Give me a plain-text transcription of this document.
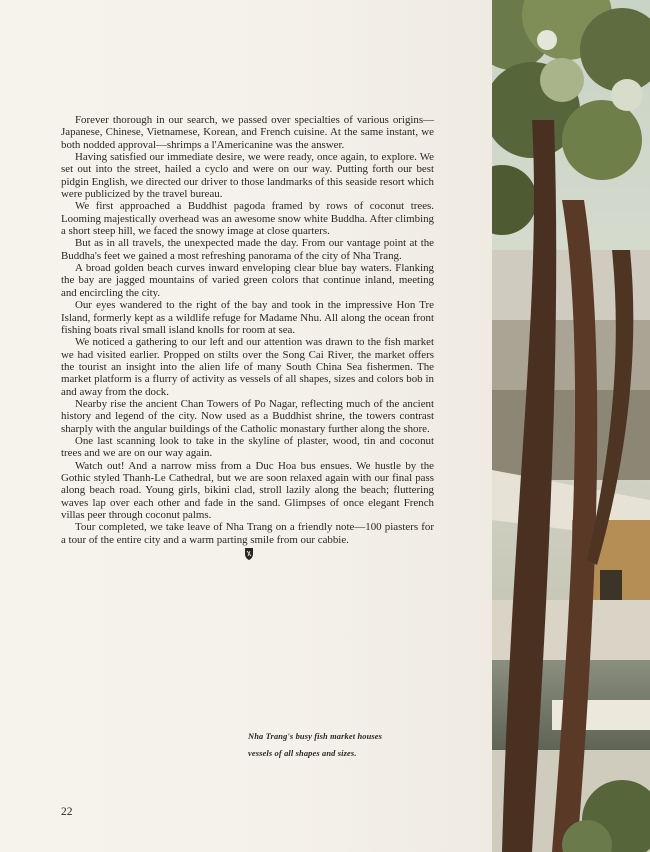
Forever thorough in our search, we passed over specialties of various origins—Japanese, Chinese, Vietnamese, Korean, and French cuisine. At the same instant, we both nodded approval—shrimps a l'Americanine was the answer.

Having satisfied our immediate desire, we were ready, once again, to explore. We set out into the street, hailed a cyclo and were on our way. Putting forth our best pidgin English, we directed our driver to those landmarks of this seaside resort which were publicized by the travel bureau.

We first approached a Buddhist pagoda framed by rows of coconut trees. Looming majestically overhead was an awesome snow white Buddha. After climbing a short steep hill, we faced the snowy image at close quarters.

But as in all travels, the unexpected made the day. From our vantage point at the Buddha's feet we gained a most refreshing panorama of the city of Nha Trang.

A broad golden beach curves inward enveloping clear blue bay waters. Flanking the bay are jagged mountains of varied green colors that continue inland, meeting and encircling the city.

Our eyes wandered to the right of the bay and took in the impressive Hon Tre Island, formerly kept as a wildlife refuge for Madame Nhu. All along the ocean front fishing boats rival small island knolls for room at sea.

We noticed a gathering to our left and our attention was drawn to the fish market we had visited earlier. Propped on stilts over the Song Cai River, the market offers the tourist an insight into the alien life of many South China Sea fishermen. The market platform is a flurry of activity as vessels of all shapes, sizes and colors bob in and away from the dock.

Nearby rise the ancient Chan Towers of Po Nagar, reflecting much of the ancient history and legend of the city. Now used as a Buddhist shrine, the towers contrast sharply with the angular buildings of the Catholic monastary further along the shore.

One last scanning look to take in the skyline of plaster, wood, tin and coconut trees and we are on our way again.

Watch out! And a narrow miss from a Duc Hoa bus ensues. We hustle by the Gothic styled Thanh-Le Cathedral, but we are soon relaxed again with our final pass along beach road. Young girls, bikini clad, stroll lazily along the beach; fluttering waves lap over each other and fade in the sand. Glimpses of once elegant French villas peer through coconut palms.

Tour completed, we take leave of Nha Trang on a friendly note—100 piasters for a tour of the entire city and a warm parting smile from our cabbie.

Nha Trang's busy fish market houses
vessels of all shapes and sizes.
22
